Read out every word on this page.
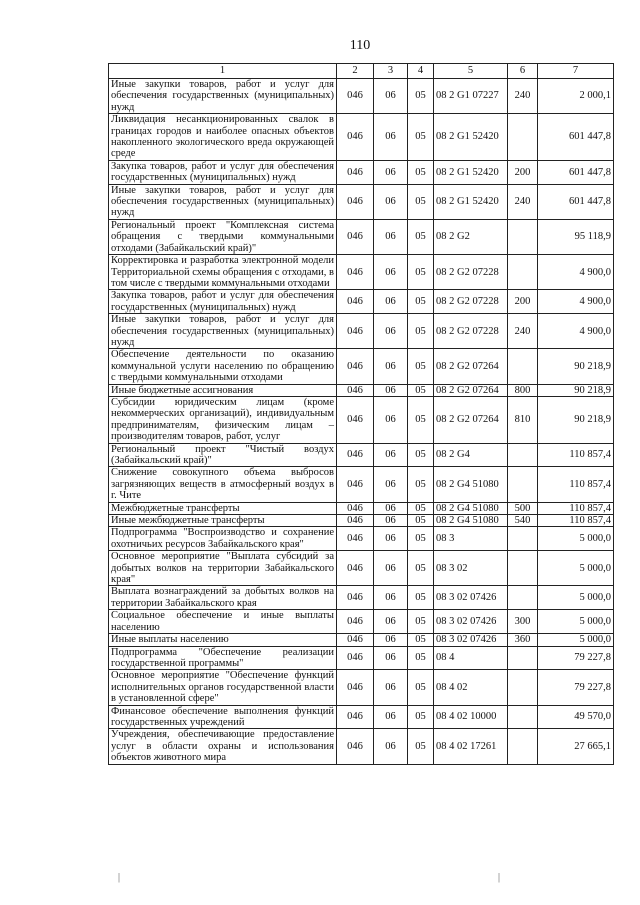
110
1	2	3	4	5	6	7
Иные закупки товаров, работ и услуг для обеспечения государственных (муниципальных) нужд	046	06	05	08 2 G1 07227	240	2 000,1
Ликвидация несанкционированных свалок в границах городов и наиболее опасных объектов накопленного экологического вреда окружающей среде	046	06	05	08 2 G1 52420		601 447,8
Закупка товаров, работ и услуг для обеспечения государственных (муниципальных) нужд	046	06	05	08 2 G1 52420	200	601 447,8
Иные закупки товаров, работ и услуг для обеспечения государственных (муниципальных) нужд	046	06	05	08 2 G1 52420	240	601 447,8
Региональный проект "Комплексная система обращения с твердыми коммунальными отходами (Забайкальский край)"	046	06	05	08 2 G2		95 118,9
Корректировка и разработка электронной модели Территориальной схемы обращения с отходами, в том числе с твердыми коммунальными отходами	046	06	05	08 2 G2 07228		4 900,0
Закупка товаров, работ и услуг для обеспечения государственных (муниципальных) нужд	046	06	05	08 2 G2 07228	200	4 900,0
Иные закупки товаров, работ и услуг для обеспечения государственных (муниципальных) нужд	046	06	05	08 2 G2 07228	240	4 900,0
Обеспечение деятельности по оказанию коммунальной услуги населению по обращению с твердыми коммунальными отходами	046	06	05	08 2 G2 07264		90 218,9
Иные бюджетные ассигнования	046	06	05	08 2 G2 07264	800	90 218,9
Субсидии юридическим лицам (кроме некоммерческих организаций), индивидуальным предпринимателям, физическим лицам – производителям товаров, работ, услуг	046	06	05	08 2 G2 07264	810	90 218,9
Региональный проект "Чистый воздух (Забайкальский край)"	046	06	05	08 2 G4		110 857,4
Снижение совокупного объема выбросов загрязняющих веществ в атмосферный воздух в г. Чите	046	06	05	08 2 G4 51080		110 857,4
Межбюджетные трансферты	046	06	05	08 2 G4 51080	500	110 857,4
Иные межбюджетные трансферты	046	06	05	08 2 G4 51080	540	110 857,4
Подпрограмма "Воспроизводство и сохранение охотничьих ресурсов Забайкальского края"	046	06	05	08 3		5 000,0
Основное мероприятие "Выплата субсидий за добытых волков на территории Забайкальского края"	046	06	05	08 3 02		5 000,0
Выплата вознаграждений за добытых волков на территории Забайкальского края	046	06	05	08 3 02 07426		5 000,0
Социальное обеспечение и иные выплаты населению	046	06	05	08 3 02 07426	300	5 000,0
Иные выплаты населению	046	06	05	08 3 02 07426	360	5 000,0
Подпрограмма "Обеспечение реализации государственной программы"	046	06	05	08 4		79 227,8
Основное мероприятие "Обеспечение функций исполнительных органов государственной власти в установленной сфере"	046	06	05	08 4 02		79 227,8
Финансовое обеспечение выполнения функций государственных учреждений	046	06	05	08 4 02 10000		49 570,0
Учреждения, обеспечивающие предоставление услуг в области охраны и использования объектов животного мира	046	06	05	08 4 02 17261		27 665,1
|	|
